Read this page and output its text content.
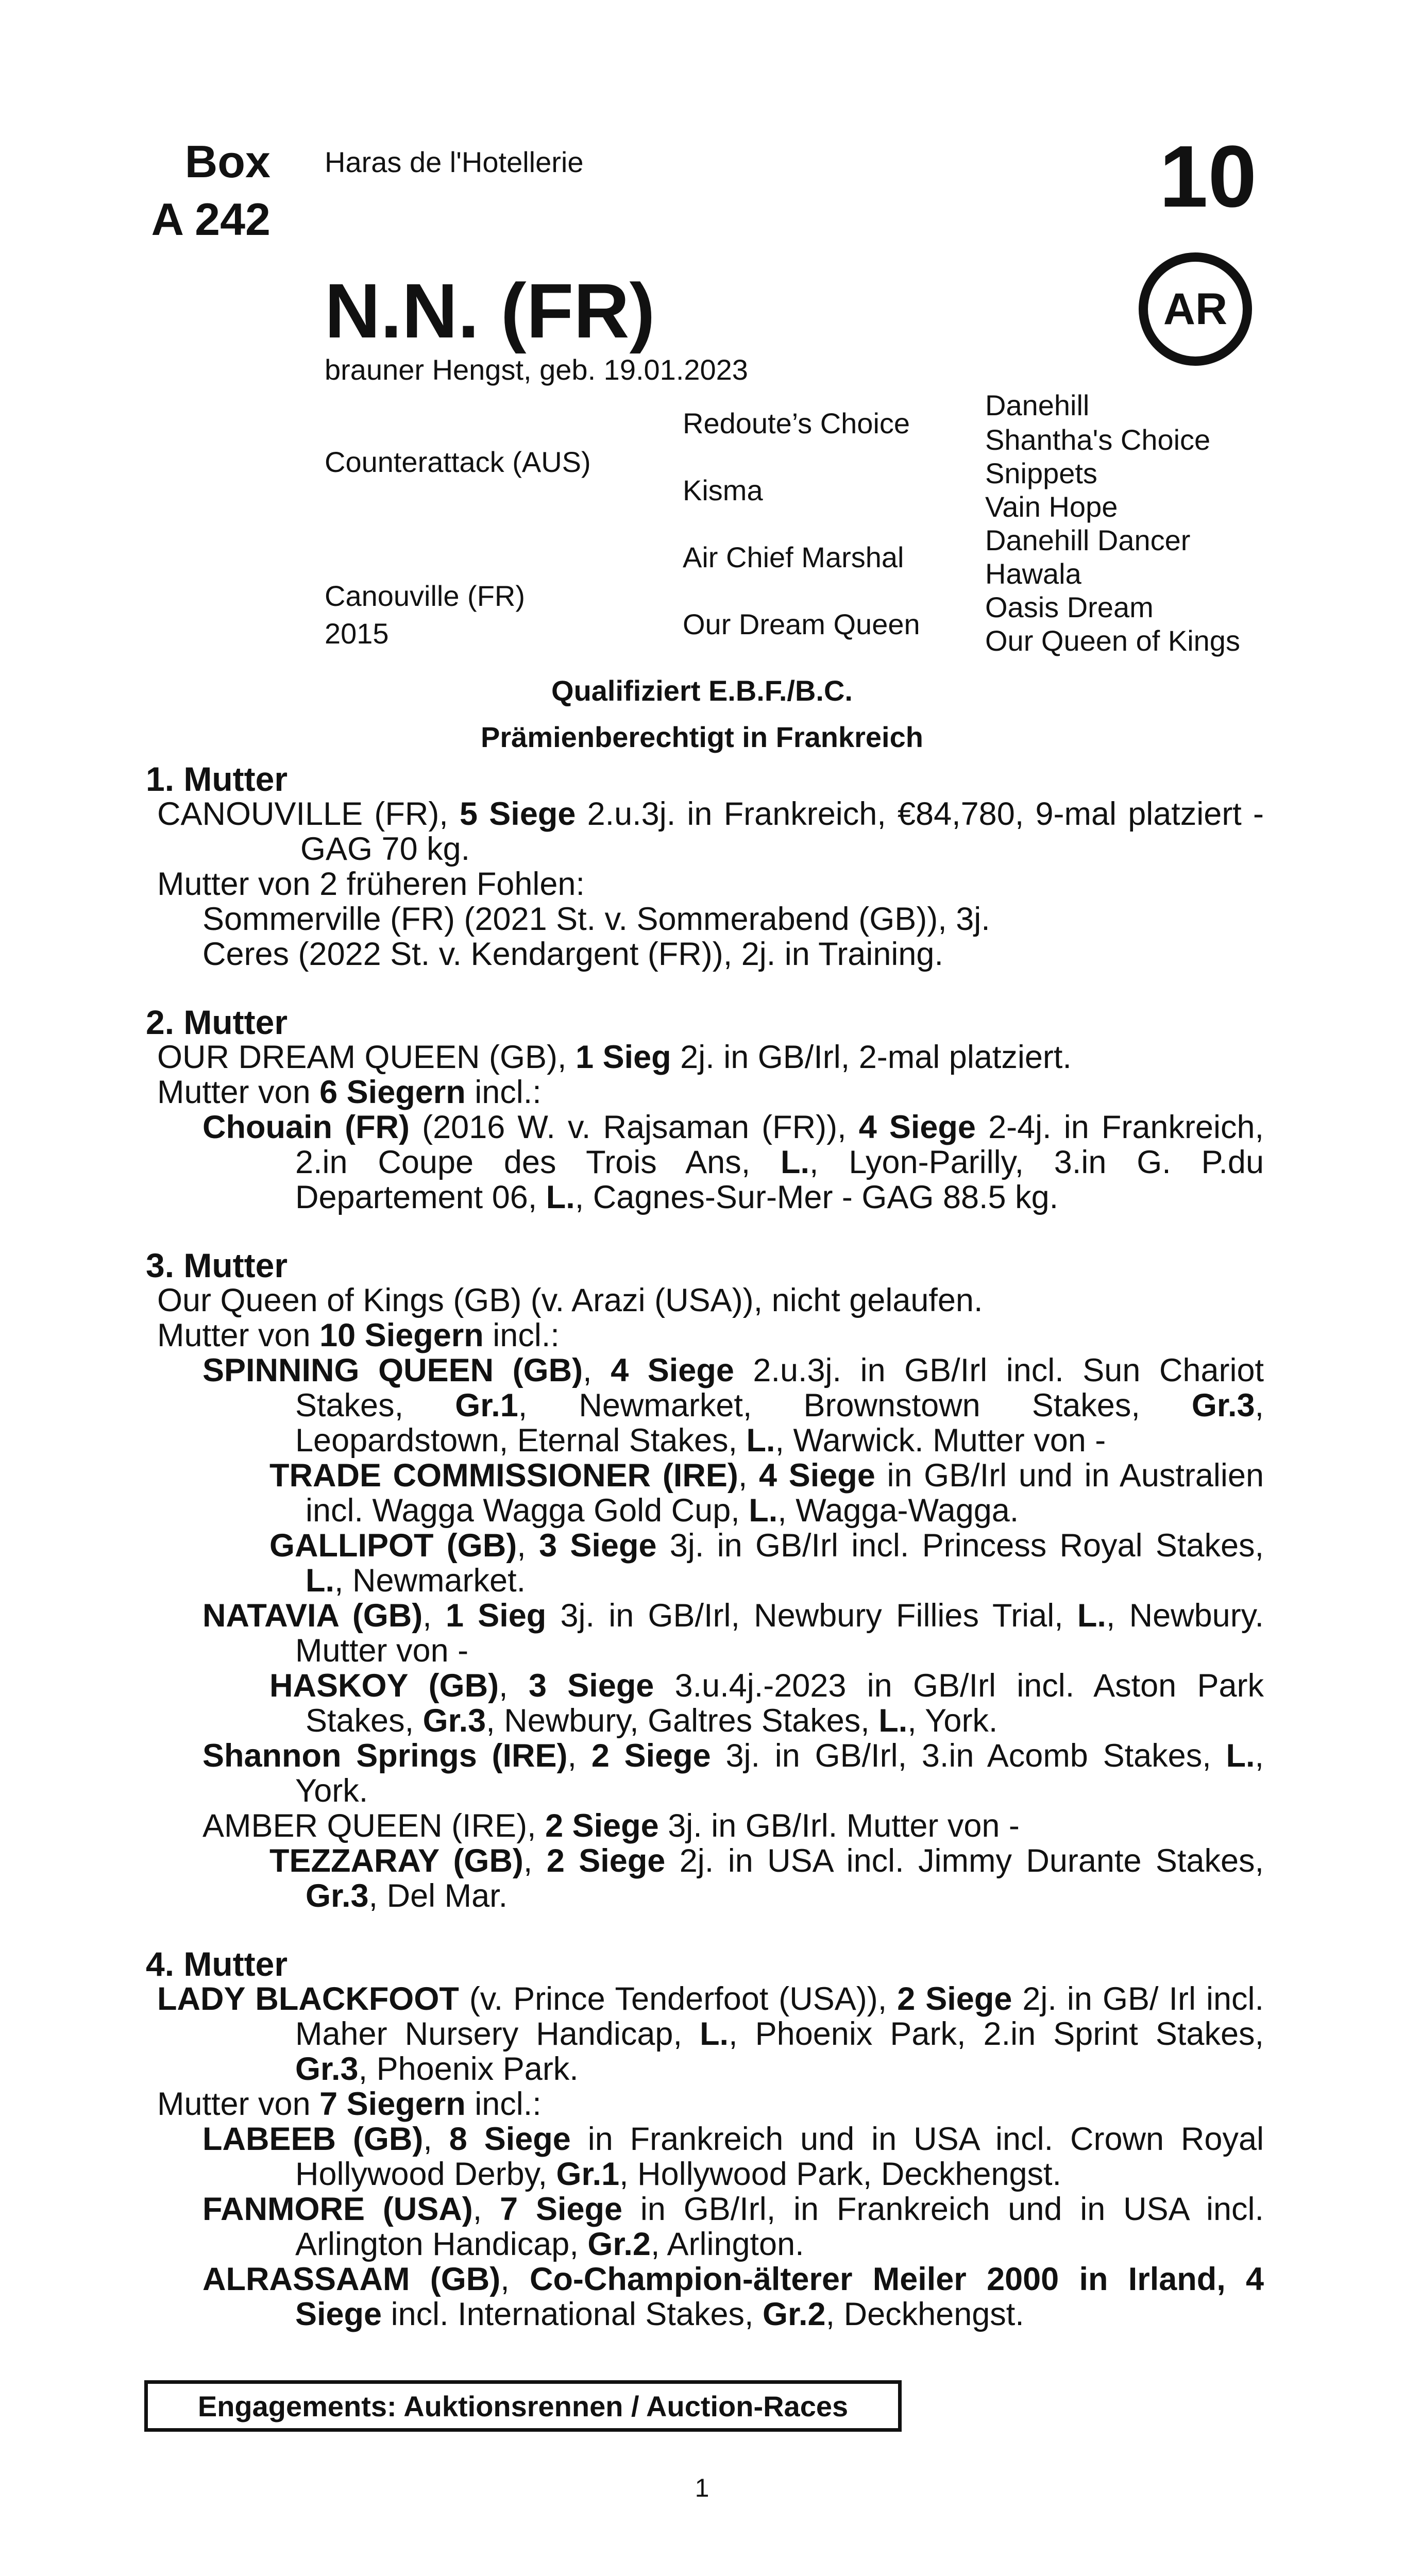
Box
A 242
Haras de l'Hotellerie	10
AR
N.N. (FR)
brauner Hengst, geb. 19.01.2023
Counterattack (AUS)
Canouville (FR)
2015
Redoute’s Choice
Kisma
Air Chief Marshal
Our Dream Queen
Danehill
Shantha's Choice
Snippets
Vain Hope
Danehill Dancer
Hawala
Oasis Dream
Our Queen of Kings
Qualifiziert E.B.F./B.C.
Prämienberechtigt in Frankreich
1. Mutter

CANOUVILLE (FR), 5 Siege 2.u.3j. in Frankreich, €84,780, 9-mal platziert - GAG 70 kg.

Mutter von 2 früheren Fohlen:

Sommerville (FR) (2021 St. v. Sommerabend (GB)), 3j.

Ceres (2022 St. v. Kendargent (FR)), 2j. in Training.

2. Mutter

OUR DREAM QUEEN (GB), 1 Sieg 2j. in GB/Irl, 2-mal platziert.

Mutter von 6 Siegern incl.:

Chouain (FR) (2016 W. v. Rajsaman (FR)), 4 Siege 2-4j. in Frankreich, 2.in Coupe des Trois Ans, L., Lyon-Parilly, 3.in G. P.du Departement 06, L., Cagnes-Sur-Mer - GAG 88.5 kg.

3. Mutter

Our Queen of Kings (GB) (v. Arazi (USA)), nicht gelaufen.

Mutter von 10 Siegern incl.:

SPINNING QUEEN (GB), 4 Siege 2.u.3j. in GB/Irl incl. Sun Chariot Stakes, Gr.1, Newmarket, Brownstown Stakes, Gr.3, Leopardstown, Eternal Stakes, L., Warwick. Mutter von -

TRADE COMMISSIONER (IRE), 4 Siege in GB/Irl und in Australien incl. Wagga Wagga Gold Cup, L., Wagga-Wagga.

GALLIPOT (GB), 3 Siege 3j. in GB/Irl incl. Princess Royal Stakes, L., Newmarket.

NATAVIA (GB), 1 Sieg 3j. in GB/Irl, Newbury Fillies Trial, L., Newbury. Mutter von -

HASKOY (GB), 3 Siege 3.u.4j.-2023 in GB/Irl incl. Aston Park Stakes, Gr.3, Newbury, Galtres Stakes, L., York.

Shannon Springs (IRE), 2 Siege 3j. in GB/Irl, 3.in Acomb Stakes, L., York.

AMBER QUEEN (IRE), 2 Siege 3j. in GB/Irl. Mutter von -

TEZZARAY (GB), 2 Siege 2j. in USA incl. Jimmy Durante Stakes, Gr.3, Del Mar.

4. Mutter

LADY BLACKFOOT (v. Prince Tenderfoot (USA)), 2 Siege 2j. in GB/ Irl incl. Maher Nursery Handicap, L., Phoenix Park, 2.in Sprint Stakes, Gr.3, Phoenix Park.

Mutter von 7 Siegern incl.:

LABEEB (GB), 8 Siege in Frankreich und in USA incl. Crown Royal Hollywood Derby, Gr.1, Hollywood Park, Deckhengst.

FANMORE (USA), 7 Siege in GB/Irl, in Frankreich und in USA incl. Arlington Handicap, Gr.2, Arlington.

ALRASSAAM (GB), Co-Champion-älterer Meiler 2000 in Irland, 4 Siege incl. International Stakes, Gr.2, Deckhengst.

Engagements: Auktionsrennen / Auction-Races
1
